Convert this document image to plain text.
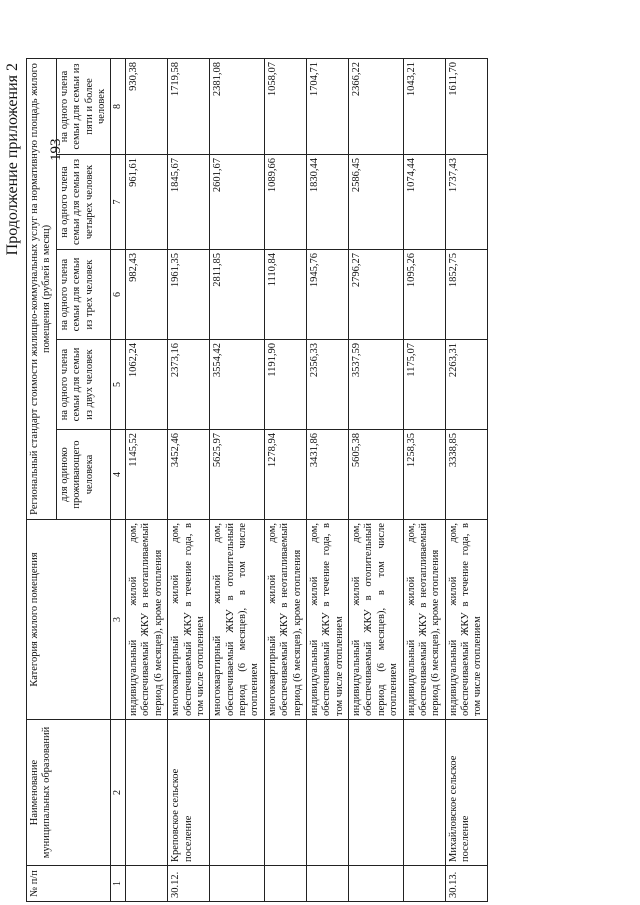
193
Продолжение приложения 2
№ п/п	Наименование муниципальных образований	Категория жилого помещения	Региональный стандарт стоимости жилищно-коммунальных услуг на нормативную площадь жилого помещения (рублей в месяц)				
			для одиноко проживающего человека	на одного члена семьи для семьи из двух человек	на одного члена семьи для семьи из трех человек	на одного члена семьи для семьи из четырех человек	на одного члена семьи для семьи из пяти и более человек
1	2	3	4	5	6	7	8
		индивидуальный жилой дом, обеспечиваемый ЖКУ в неотапливаемый период (6 месяцев), кроме отопления	1145,52	1062,24	982,43	961,61	930,38
30.12.	Креповское сельское поселение	многоквартирный жилой дом, обеспечиваемый ЖКУ в течение года, в том числе отоплением	3452,46	2373,16	1961,35	1845,67	1719,58
		многоквартирный жилой дом, обеспечиваемый ЖКУ в отопительный период (6 месяцев), в том числе отоплением	5625,97	3554,42	2811,85	2601,67	2381,08
		многоквартирный жилой дом, обеспечиваемый ЖКУ в неотапливаемый период (6 месяцев), кроме отопления	1278,94	1191,90	1110,84	1089,66	1058,07
		индивидуальный жилой дом, обеспечиваемый ЖКУ в течение года, в том числе отоплением	3431,86	2356,33	1945,76	1830,44	1704,71
		индивидуальный жилой дом, обеспечиваемый ЖКУ в отопительный период (6 месяцев), в том числе отоплением	5605,38	3537,59	2796,27	2586,45	2366,22
		индивидуальный жилой дом, обеспечиваемый ЖКУ в неотапливаемый период (6 месяцев), кроме отопления	1258,35	1175,07	1095,26	1074,44	1043,21
30.13.	Михайловское сельское поселение	индивидуальный жилой дом, обеспечиваемый ЖКУ в течение года, в том числе отоплением	3338,85	2263,31	1852,75	1737,43	1611,70
